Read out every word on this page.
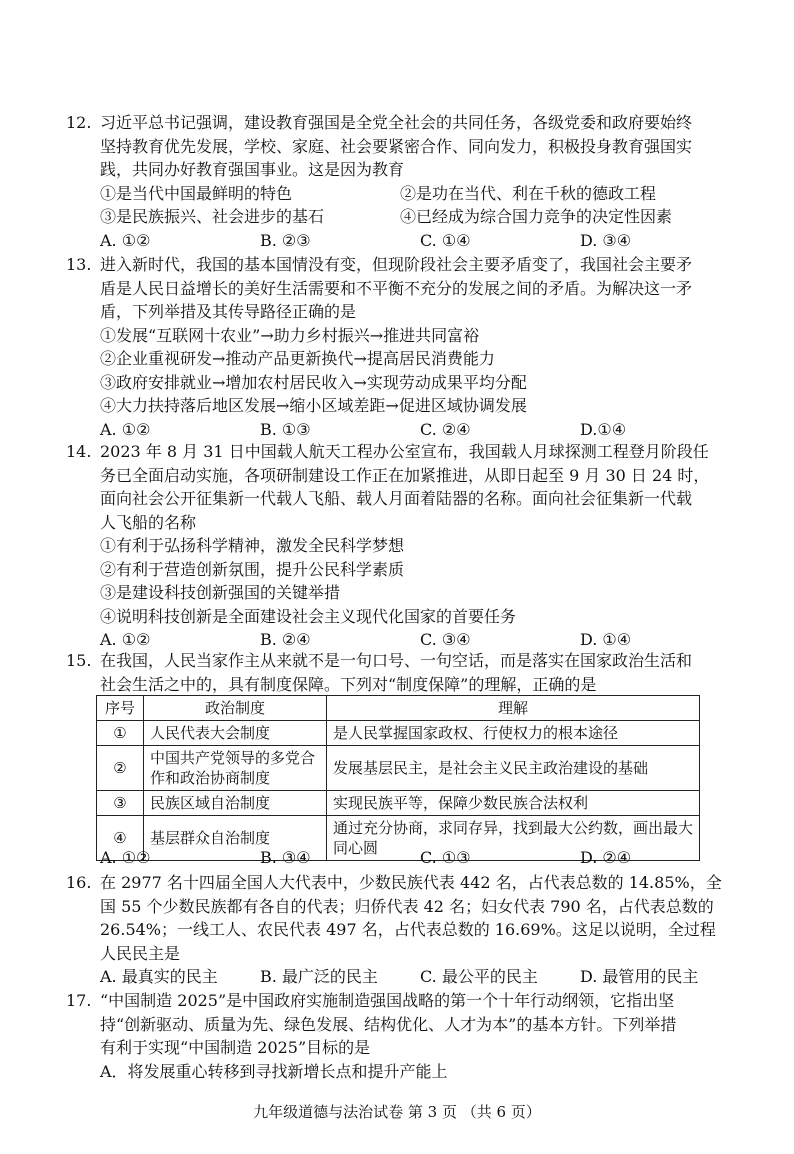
12. 习近平总书记强调，建设教育强国是全党全社会的共同任务，各级党委和政府要始终
坚持教育优先发展，学校、家庭、社会要紧密合作、同向发力，积极投身教育强国实
践，共同办好教育强国事业。这是因为教育
①是当代中国最鲜明的特色	②是功在当代、利在千秋的德政工程
③是民族振兴、社会进步的基石	④已经成为综合国力竞争的决定性因素
A. ①②	B. ②③	C. ①④	D. ③④
13. 进入新时代，我国的基本国情没有变，但现阶段社会主要矛盾变了，我国社会主要矛
盾是人民日益增长的美好生活需要和不平衡不充分的发展之间的矛盾。为解决这一矛
盾，下列举措及其传导路径正确的是
①发展“互联网十农业”→助力乡村振兴→推进共同富裕
②企业重视研发→推动产品更新换代→提高居民消费能力
③政府安排就业→增加农村居民收入→实现劳动成果平均分配
④大力扶持落后地区发展→缩小区域差距→促进区域协调发展
A. ①②	B. ①③	C. ②④	D.①④
14. 2023 年 8 月 31 日中国载人航天工程办公室宣布，我国载人月球探测工程登月阶段任
务已全面启动实施，各项研制建设工作正在加紧推进，从即日起至 9 月 30 日 24 时，
面向社会公开征集新一代载人飞船、载人月面着陆器的名称。面向社会征集新一代载
人飞船的名称
①有利于弘扬科学精神，激发全民科学梦想
②有利于营造创新氛围，提升公民科学素质
③是建设科技创新强国的关键举措
④说明科技创新是全面建设社会主义现代化国家的首要任务
A. ①②	B. ②④	C. ③④	D. ①④
15. 在我国，人民当家作主从来就不是一句口号、一句空话，而是落实在国家政治生活和
社会生活之中的，具有制度保障。下列对“制度保障”的理解，正确的是
序号	政治制度	理解
①	人民代表大会制度	是人民掌握国家政权、行使权力的根本途径
②	中国共产党领导的多党合作和政治协商制度	发展基层民主，是社会主义民主政治建设的基础
③	民族区域自治制度	实现民族平等，保障少数民族合法权利
④	基层群众自治制度	通过充分协商，求同存异，找到最大公约数，画出最大同心圆
A. ①②	B. ③④	C. ①③	D. ②④
16. 在 2977 名十四届全国人大代表中，少数民族代表 442 名，占代表总数的 14.85%，全
国 55 个少数民族都有各自的代表；归侨代表 42 名；妇女代表 790 名，占代表总数的
26.54%；一线工人、农民代表 497 名，占代表总数的 16.69%。这足以说明，全过程
人民民主是
A. 最真实的民主	B. 最广泛的民主	C. 最公平的民主	D. 最管用的民主
17. “中国制造 2025”是中国政府实施制造强国战略的第一个十年行动纲领，它指出坚
持“创新驱动、质量为先、绿色发展、结构优化、人才为本”的基本方针。下列举措
有利于实现“中国制造 2025”目标的是
A．将发展重心转移到寻找新增长点和提升产能上
九年级道德与法治试卷 第 3 页 （共 6 页）
